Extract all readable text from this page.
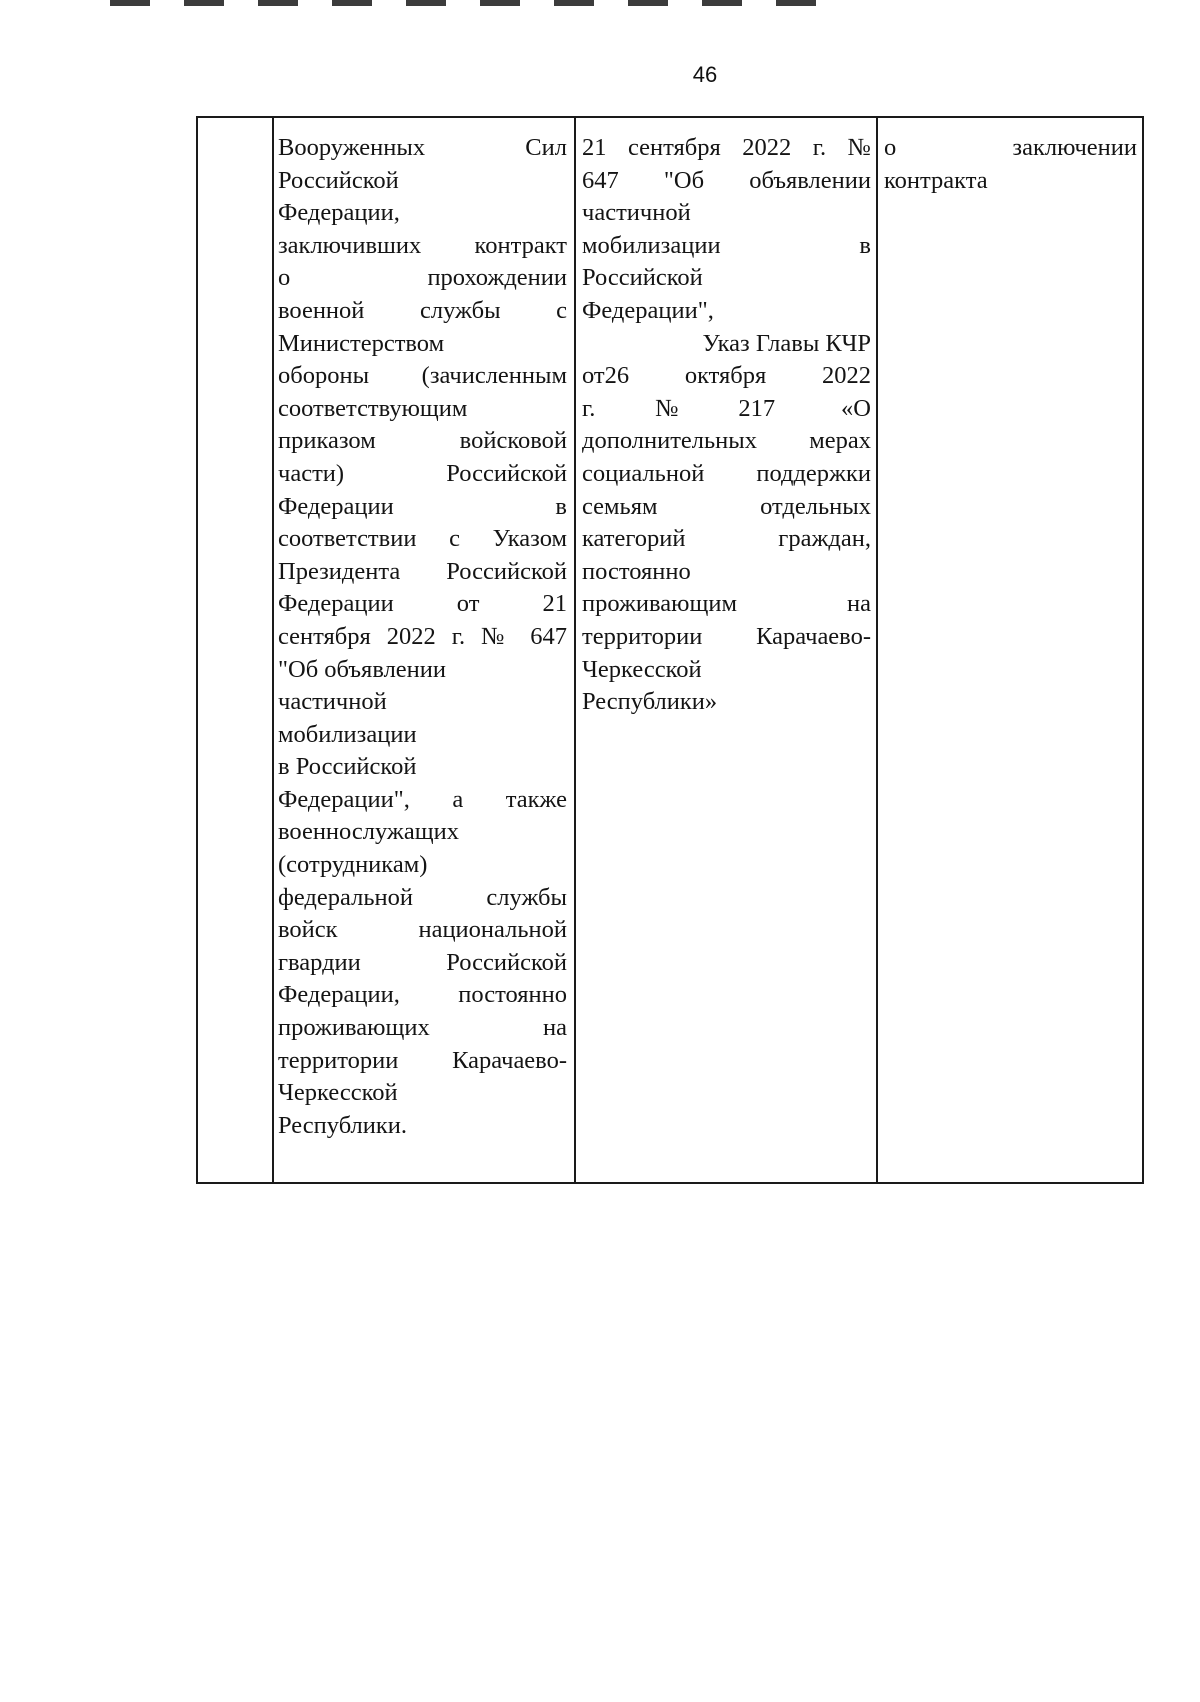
46
Вооруженных Сил
Российской
Федерации,
заключивших контракт
о прохождении
военной службы с
Министерством
обороны (зачисленным
соответствующим
приказом войсковой
части) Российской
Федерации в
соответствии с Указом
Президента Российской
Федерации от 21
сентября 2022 г. № 647
"Об объявлении
частичной
мобилизации
в Российской
Федерации", а также
военнослужащих
(сотрудникам)
федеральной службы
войск национальной
гвардии Российской
Федерации, постоянно
проживающих на
территории Карачаево-
Черкесской
Республики.
21 сентября 2022 г. №
647 "Об объявлении
частичной
мобилизации в
Российской
Федерации",
Указ Главы КЧР
от26 октября 2022
г.№217 «О
дополнительных мерах
социальной поддержки
семьям отдельных
категорий граждан,
постоянно
проживающим на
территории Карачаево-
Черкесской
Республики»
о заключении
контракта
